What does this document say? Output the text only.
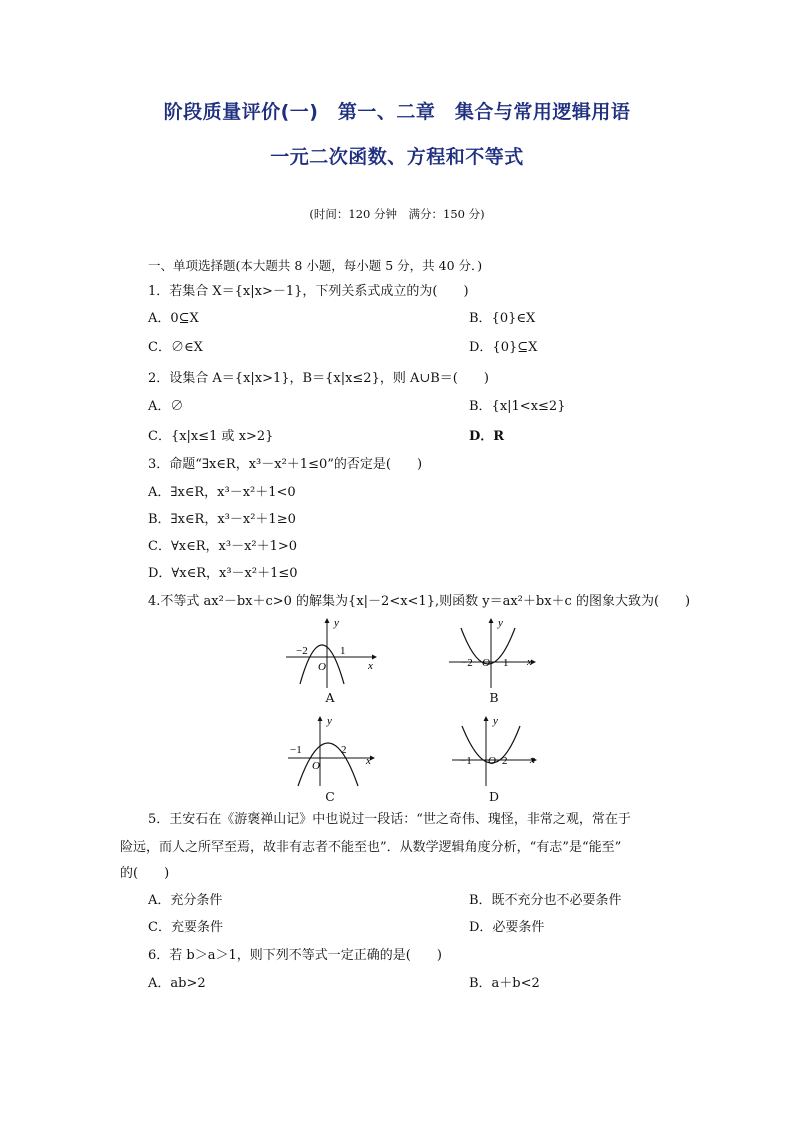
阶段质量评价(一)　第一、二章　集合与常用逻辑用语
一元二次函数、方程和不等式
(时间：120 分钟　满分：150 分)
一、单项选择题(本大题共 8 小题，每小题 5 分，共 40 分．)
1．若集合 X＝{x|x>－1}，下列关系式成立的为(　　)
A．0⊆X	B．{0}∈X
C．∅∈X	D．{0}⊆X
2．设集合 A＝{x|x>1}，B＝{x|x≤2}，则 A∪B＝(　　)
A．∅	B．{x|1<x≤2}
C．{x|x≤1 或 x>2}	D．R
3．命题“∃x∈R，x³－x²＋1≤0”的否定是(　　)
A．∃x∈R，x³－x²＋1<0
B．∃x∈R，x³－x²＋1≥0
C．∀x∈R，x³－x²＋1>0
D．∀x∈R，x³－x²＋1≤0
4.不等式 ax²－bx＋c>0 的解集为{x|－2<x<1},则函数 y＝ax²＋bx＋c 的图象大致为(　　)
y
x
O
−2	1
A
y
x
O
−2	1
B
y
x
O
−1	2
C
y
x
O
−1	2
D
5．王安石在《游褒禅山记》中也说过一段话：“世之奇伟、瑰怪，非常之观，常在于
险远，而人之所罕至焉，故非有志者不能至也”．从数学逻辑角度分析，“有志”是“能至”
的(　　)
A．充分条件	B．既不充分也不必要条件
C．充要条件	D．必要条件
6．若 b＞a＞1，则下列不等式一定正确的是(　　)
A．ab>2	B．a＋b<2
